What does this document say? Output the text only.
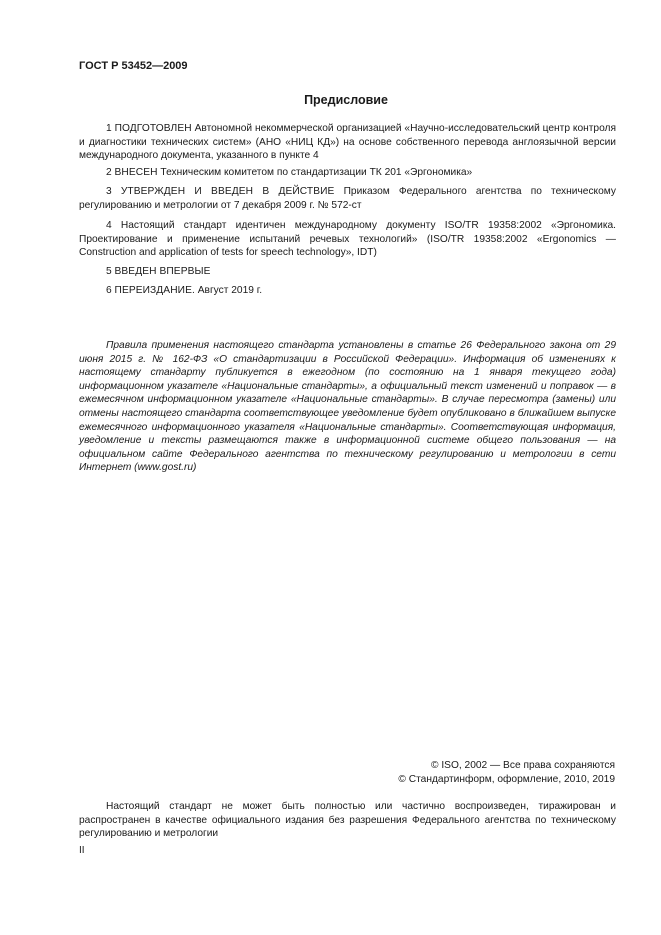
ГОСТ Р 53452—2009
Предисловие
1 ПОДГОТОВЛЕН Автономной некоммерческой организацией «Научно-исследовательский центр контроля и диагностики технических систем» (АНО «НИЦ КД») на основе собственного перевода англоязычной версии международного документа, указанного в пункте 4
2 ВНЕСЕН Техническим комитетом по стандартизации ТК 201 «Эргономика»
3 УТВЕРЖДЕН И ВВЕДЕН В ДЕЙСТВИЕ Приказом Федерального агентства по техническому регулированию и метрологии от 7 декабря 2009 г. № 572-ст
4 Настоящий стандарт идентичен международному документу ISO/TR 19358:2002 «Эргономика. Проектирование и применение испытаний речевых технологий» (ISO/TR 19358:2002 «Ergonomics — Construction and application of tests for speech technology», IDT)
5 ВВЕДЕН ВПЕРВЫЕ
6 ПЕРЕИЗДАНИЕ. Август 2019 г.
Правила применения настоящего стандарта установлены в статье 26 Федерального закона от 29 июня 2015 г. № 162-ФЗ «О стандартизации в Российской Федерации». Информация об изменениях к настоящему стандарту публикуется в ежегодном (по состоянию на 1 января текущего года) информационном указателе «Национальные стандарты», а официальный текст изменений и поправок — в ежемесячном информационном указателе «Национальные стандарты». В случае пересмотра (замены) или отмены настоящего стандарта соответствующее уведомление будет опубликовано в ближайшем выпуске ежемесячного информационного указателя «Национальные стандарты». Соответствующая информация, уведомление и тексты размещаются также в информационной системе общего пользования — на официальном сайте Федерального агентства по техническому регулированию и метрологии в сети Интернет (www.gost.ru)
© ISO, 2002 — Все права сохраняются
© Стандартинформ, оформление, 2010, 2019
Настоящий стандарт не может быть полностью или частично воспроизведен, тиражирован и распространен в качестве официального издания без разрешения Федерального агентства по техническому регулированию и метрологии
II
